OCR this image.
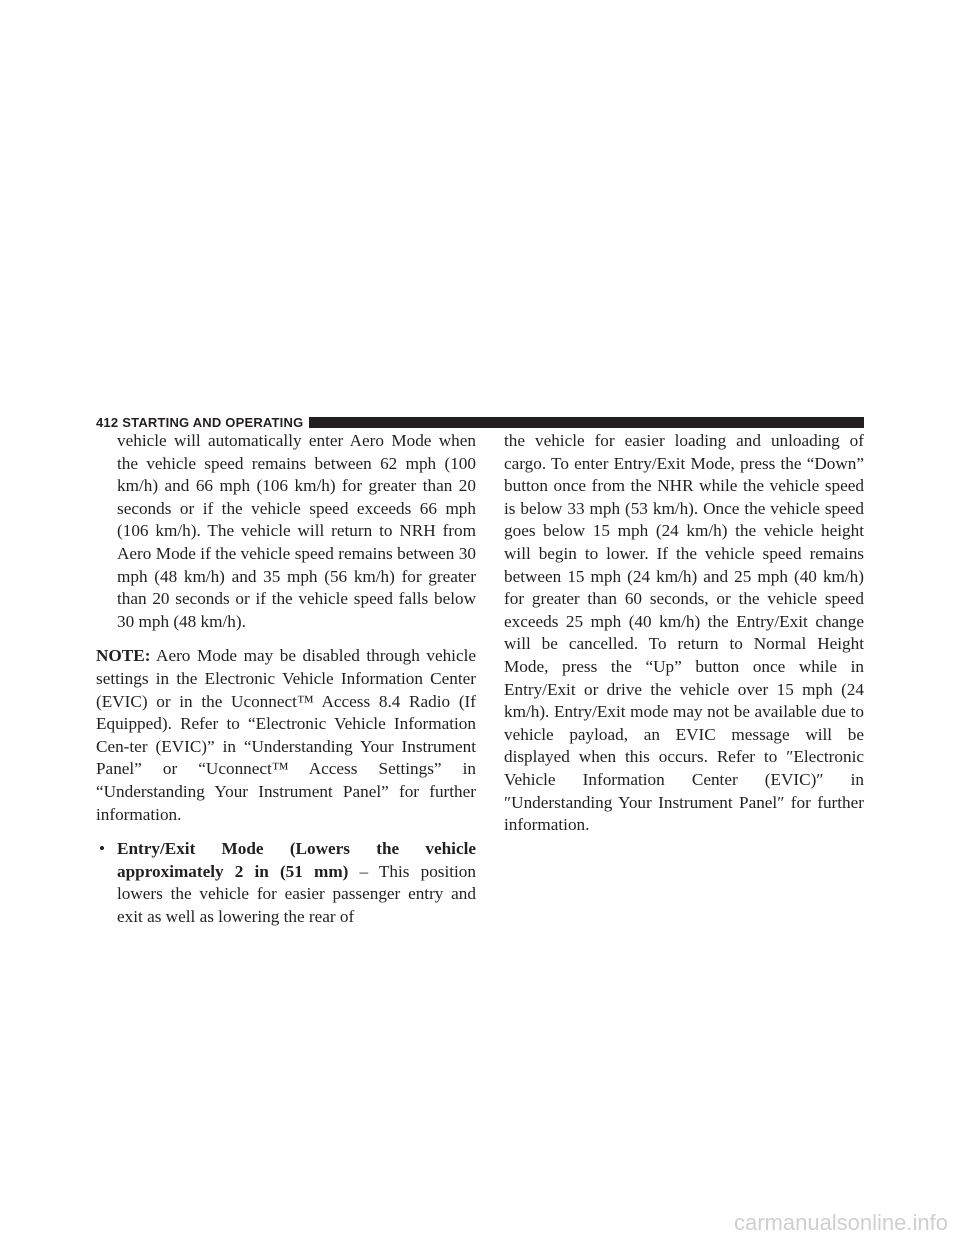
412 STARTING AND OPERATING

vehicle will automatically enter Aero Mode when the vehicle speed remains between 62 mph (100 km/h) and 66 mph (106 km/h) for greater than 20 seconds or if the vehicle speed exceeds 66 mph (106 km/h). The vehicle will return to NRH from Aero Mode if the vehicle speed remains between 30 mph (48 km/h) and 35 mph (56 km/h) for greater than 20 seconds or if the vehicle speed falls below 30 mph (48 km/h).

NOTE: Aero Mode may be disabled through vehicle settings in the Electronic Vehicle Information Center (EVIC) or in the Uconnect™ Access 8.4 Radio (If Equipped). Refer to “Electronic Vehicle Information Cen-ter (EVIC)” in “Understanding Your Instrument Panel” or “Uconnect™ Access Settings” in “Understanding Your Instrument Panel” for further information.

• Entry/Exit Mode (Lowers the vehicle approximately 2 in (51 mm) – This position lowers the vehicle for easier passenger entry and exit as well as lowering the rear of

the vehicle for easier loading and unloading of cargo. To enter Entry/Exit Mode, press the “Down” button once from the NHR while the vehicle speed is below 33 mph (53 km/h). Once the vehicle speed goes below 15 mph (24 km/h) the vehicle height will begin to lower. If the vehicle speed remains between 15 mph (24 km/h) and 25 mph (40 km/h) for greater than 60 seconds, or the vehicle speed exceeds 25 mph (40 km/h) the Entry/Exit change will be cancelled. To return to Normal Height Mode, press the “Up” button once while in Entry/Exit or drive the vehicle over 15 mph (24 km/h). Entry/Exit mode may not be available due to vehicle payload, an EVIC message will be displayed when this occurs. Refer to ″Electronic Vehicle Information Center (EVIC)″ in ″Understanding Your Instrument Panel″ for further information.

carmanualsonline.info
